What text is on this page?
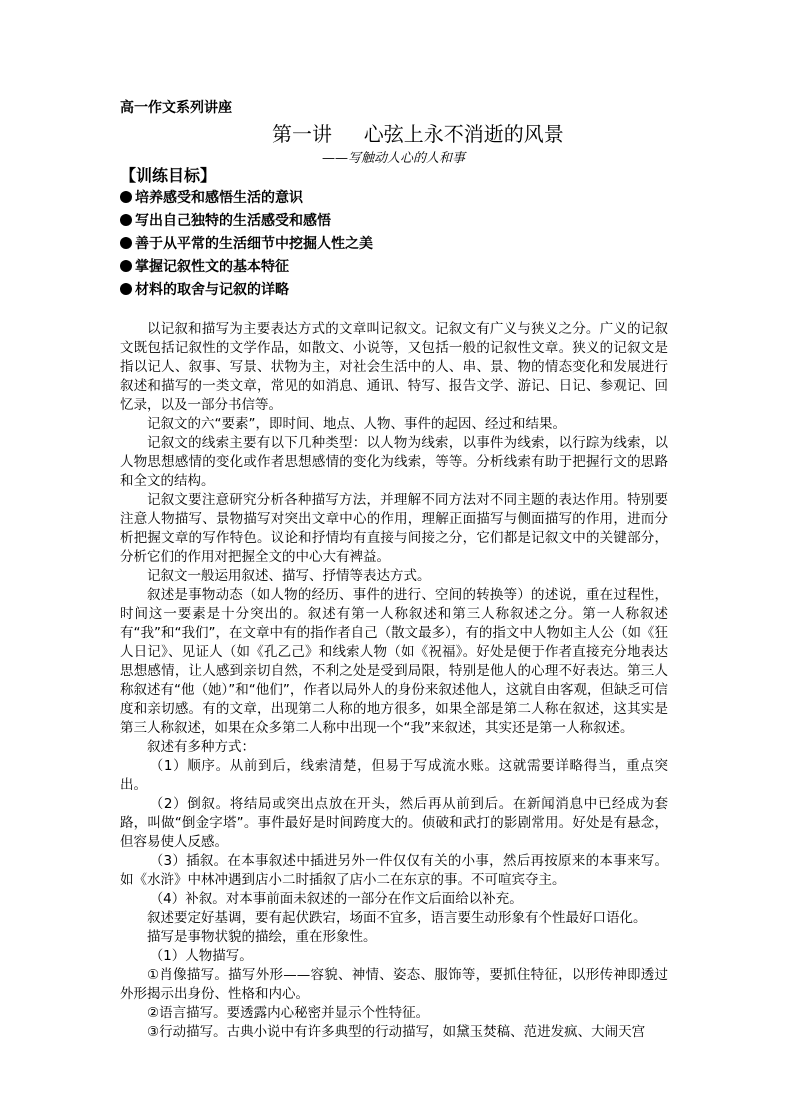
高一作文系列讲座
第一讲     心弦上永不消逝的风景
——写触动人心的人和事
【训练目标】
培养感受和感悟生活的意识
写出自己独特的生活感受和感悟
善于从平常的生活细节中挖掘人性之美
掌握记叙性文的基本特征
材料的取舍与记叙的详略

以记叙和描写为主要表达方式的文章叫记叙文。记叙文有广义与狭义之分。广义的记叙文既包括记叙性的文学作品，如散文、小说等，又包括一般的记叙性文章。狭义的记叙文是指以记人、叙事、写景、状物为主，对社会生活中的人、串、景、物的情态变化和发展进行叙述和描写的一类文章，常见的如消息、通讯、特写、报告文学、游记、日记、参观记、回忆录，以及一部分书信等。

记叙文的六“要素”，即时间、地点、人物、事件的起因、经过和结果。

记叙文的线索主要有以下几种类型：以人物为线索，以事件为线索，以行踪为线索，以人物思想感情的变化或作者思想感情的变化为线索，等等。分析线索有助于把握行文的思路和全文的结构。

记叙文要注意研究分析各种描写方法，并理解不同方法对不同主题的表达作用。特别要注意人物描写、景物描写对突出文章中心的作用，理解正面描写与侧面描写的作用，进而分析把握文章的写作特色。议论和抒情均有直接与间接之分，它们都是记叙文中的关键部分，分析它们的作用对把握全文的中心大有裨益。

记叙文一般运用叙述、描写、抒情等表达方式。

叙述是事物动态（如人物的经历、事件的进行、空间的转换等）的述说，重在过程性，时间这一要素是十分突出的。叙述有第一人称叙述和第三人称叙述之分。第一人称叙述有“我”和“我们”，在文章中有的指作者自己（散文最多），有的指文中人物如主人公（如《狂人日记》、见证人（如《孔乙己》和线索人物（如《祝福》。好处是便于作者直接充分地表达思想感情，让人感到亲切自然，不利之处是受到局限，特别是他人的心理不好表达。第三人称叙述有“他（她）”和“他们”，作者以局外人的身份来叙述他人，这就自由客观，但缺乏可信度和亲切感。有的文章，出现第二人称的地方很多，如果全部是第二人称在叙述，这其实是第三人称叙述，如果在众多第二人称中出现一个“我”来叙述，其实还是第一人称叙述。

叙述有多种方式：

（1）顺序。从前到后，线索清楚，但易于写成流水账。这就需要详略得当，重点突出。

（2）倒叙。将结局或突出点放在开头，然后再从前到后。在新闻消息中已经成为套路，叫做“倒金字塔”。事件最好是时间跨度大的。侦破和武打的影剧常用。好处是有悬念，但容易使人反感。

（3）插叙。在本事叙述中插进另外一件仅仅有关的小事，然后再按原来的本事来写。如《水浒》中林冲遇到店小二时插叙了店小二在东京的事。不可喧宾夺主。

（4）补叙。对本事前面未叙述的一部分在作文后面给以补充。

叙述要定好基调，要有起伏跌宕，场面不宜多，语言要生动形象有个性最好口语化。

描写是事物状貌的描绘，重在形象性。

（1）人物描写。

①肖像描写。描写外形——容貌、神情、姿态、服饰等，要抓住特征，以形传神即透过外形揭示出身份、性格和内心。

②语言描写。要透露内心秘密并显示个性特征。

③行动描写。古典小说中有许多典型的行动描写，如黛玉焚稿、范进发疯、大闹天宫
